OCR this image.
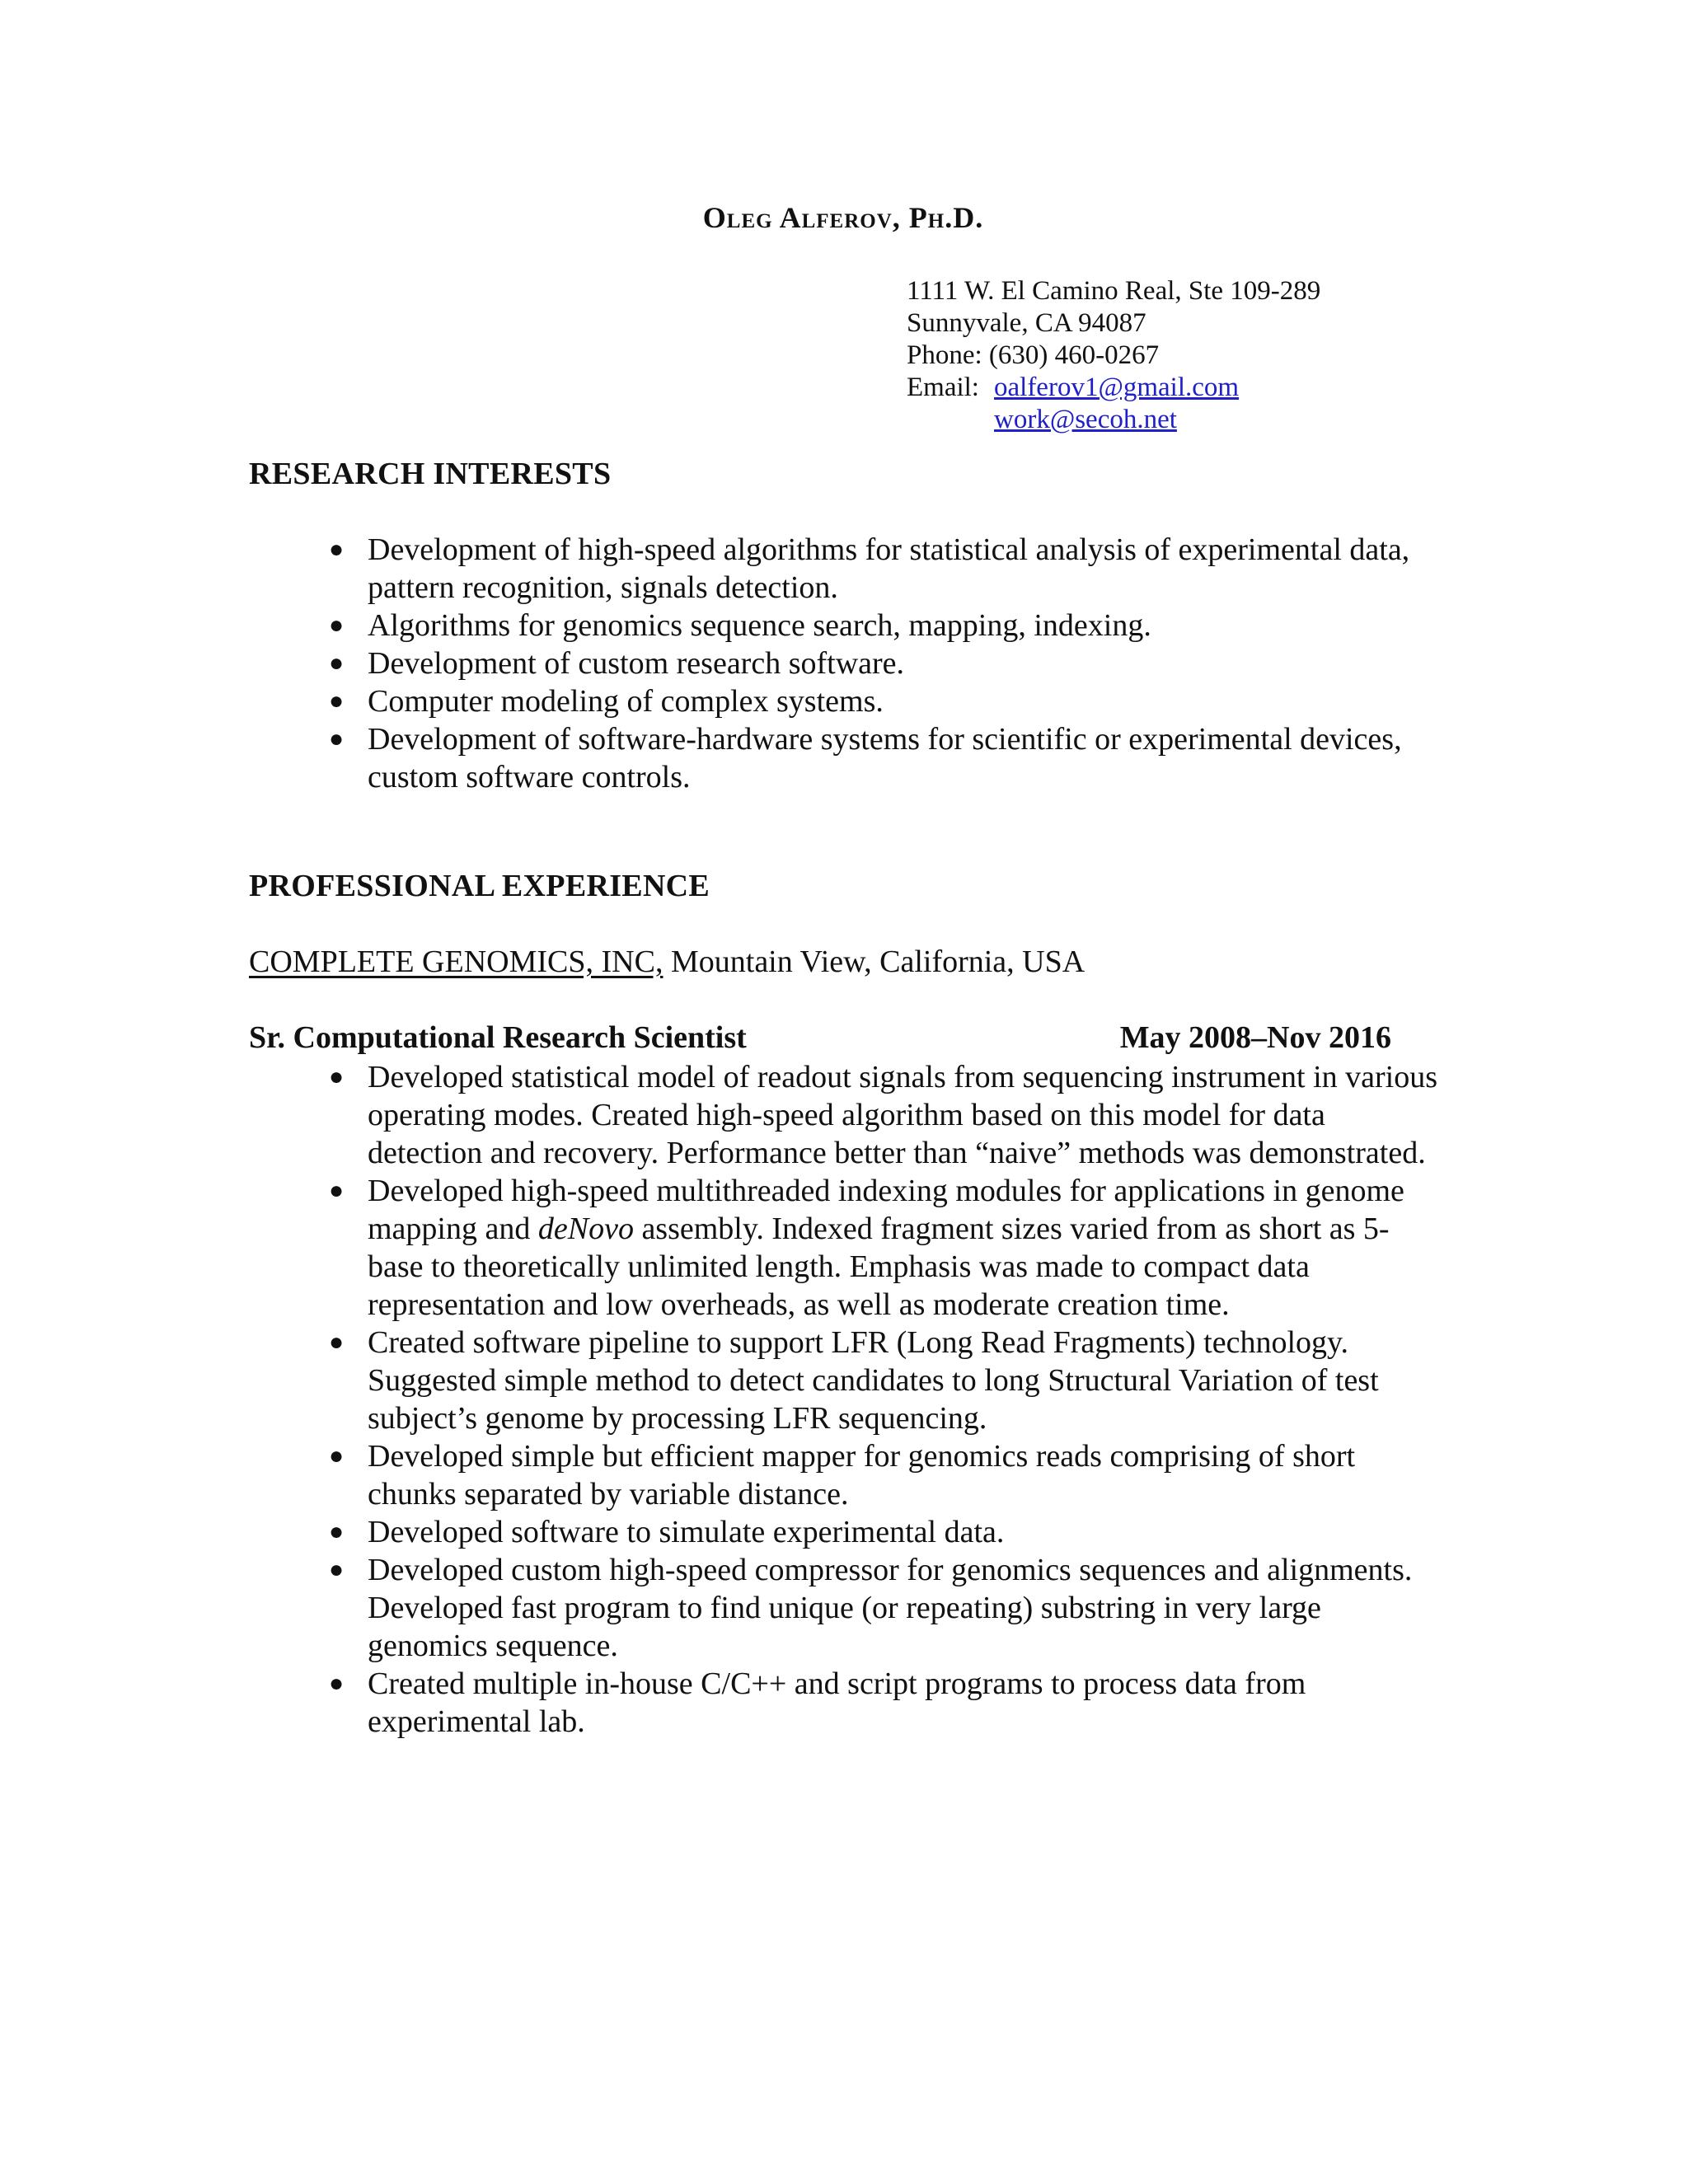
Oleg Alferov, Ph.D.
1111 W. El Camino Real, Ste 109-289
Sunnyvale, CA 94087
Phone: (630) 460-0267
Email: oalferov1@gmail.com
work@secoh.net
RESEARCH INTERESTS
● Development of high-speed algorithms for statistical analysis of experimental data, pattern recognition, signals detection.
● Algorithms for genomics sequence search, mapping, indexing.
● Development of custom research software.
● Computer modeling of complex systems.
● Development of software-hardware systems for scientific or experimental devices, custom software controls.
PROFESSIONAL EXPERIENCE
COMPLETE GENOMICS, INC, Mountain View, California, USA
Sr. Computational Research Scientist	May 2008–Nov 2016
● Developed statistical model of readout signals from sequencing instrument in various operating modes. Created high-speed algorithm based on this model for data detection and recovery. Performance better than “naive” methods was demonstrated.
● Developed high-speed multithreaded indexing modules for applications in genome mapping and deNovo assembly. Indexed fragment sizes varied from as short as 5-base to theoretically unlimited length. Emphasis was made to compact data representation and low overheads, as well as moderate creation time.
● Created software pipeline to support LFR (Long Read Fragments) technology. Suggested simple method to detect candidates to long Structural Variation of test subject’s genome by processing LFR sequencing.
● Developed simple but efficient mapper for genomics reads comprising of short chunks separated by variable distance.
● Developed software to simulate experimental data.
● Developed custom high-speed compressor for genomics sequences and alignments. Developed fast program to find unique (or repeating) substring in very large genomics sequence.
● Created multiple in-house C/C++ and script programs to process data from experimental lab.
